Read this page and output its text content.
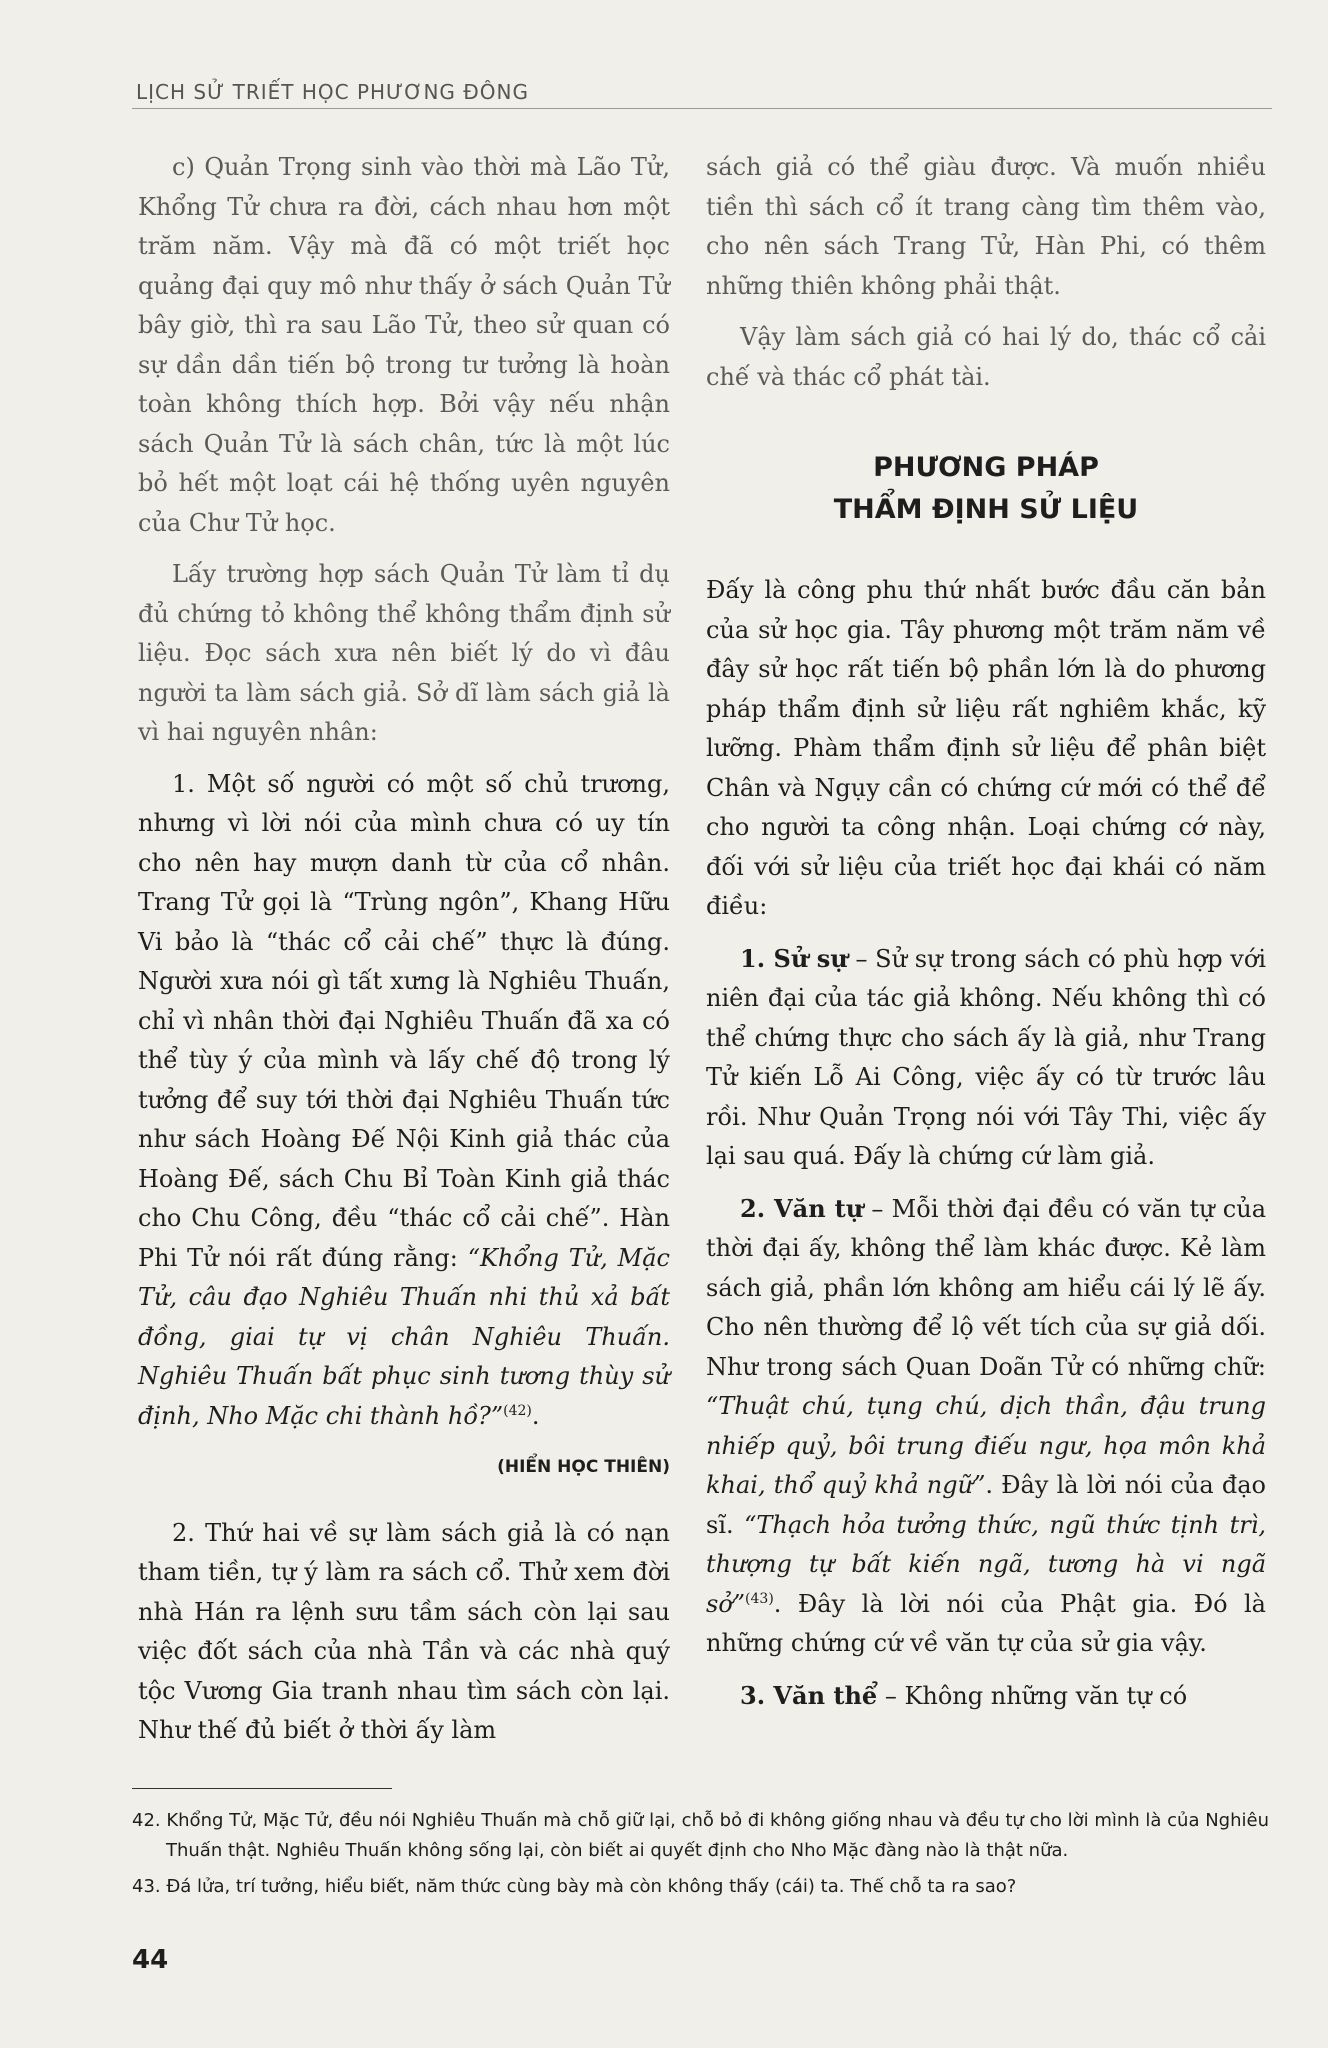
LỊCH SỬ TRIẾT HỌC PHƯƠNG ĐÔNG

c) Quản Trọng sinh vào thời mà Lão Tử, Khổng Tử chưa ra đời, cách nhau hơn một trăm năm. Vậy mà đã có một triết học quảng đại quy mô như thấy ở sách Quản Tử bây giờ, thì ra sau Lão Tử, theo sử quan có sự dần dần tiến bộ trong tư tưởng là hoàn toàn không thích hợp. Bởi vậy nếu nhận sách Quản Tử là sách chân, tức là một lúc bỏ hết một loạt cái hệ thống uyên nguyên của Chư Tử học.

Lấy trường hợp sách Quản Tử làm tỉ dụ đủ chứng tỏ không thể không thẩm định sử liệu. Đọc sách xưa nên biết lý do vì đâu người ta làm sách giả. Sở dĩ làm sách giả là vì hai nguyên nhân:

1. Một số người có một số chủ trương, nhưng vì lời nói của mình chưa có uy tín cho nên hay mượn danh từ của cổ nhân. Trang Tử gọi là “Trùng ngôn”, Khang Hữu Vi bảo là “thác cổ cải chế” thực là đúng. Người xưa nói gì tất xưng là Nghiêu Thuấn, chỉ vì nhân thời đại Nghiêu Thuấn đã xa có thể tùy ý của mình và lấy chế độ trong lý tưởng để suy tới thời đại Nghiêu Thuấn tức như sách Hoàng Đế Nội Kinh giả thác của Hoàng Đế, sách Chu Bỉ Toàn Kinh giả thác cho Chu Công, đều “thác cổ cải chế”. Hàn Phi Tử nói rất đúng rằng: “Khổng Tử, Mặc Tử, câu đạo Nghiêu Thuấn nhi thủ xả bất đồng, giai tự vị chân Nghiêu Thuấn. Nghiêu Thuấn bất phục sinh tương thùy sử định, Nho Mặc chi thành hồ?”$^{(42)}$.

(HIỂN HỌC THIÊN)

2. Thứ hai về sự làm sách giả là có nạn tham tiền, tự ý làm ra sách cổ. Thử xem đời nhà Hán ra lệnh sưu tầm sách còn lại sau việc đốt sách của nhà Tần và các nhà quý tộc Vương Gia tranh nhau tìm sách còn lại. Như thế đủ biết ở thời ấy làm

sách giả có thể giàu được. Và muốn nhiều tiền thì sách cổ ít trang càng tìm thêm vào, cho nên sách Trang Tử, Hàn Phi, có thêm những thiên không phải thật.

Vậy làm sách giả có hai lý do, thác cổ cải chế và thác cổ phát tài.

PHƯƠNG PHÁP
THẨM ĐỊNH SỬ LIỆU

Đấy là công phu thứ nhất bước đầu căn bản của sử học gia. Tây phương một trăm năm về đây sử học rất tiến bộ phần lớn là do phương pháp thẩm định sử liệu rất nghiêm khắc, kỹ lưỡng. Phàm thẩm định sử liệu để phân biệt Chân và Ngụy cần có chứng cứ mới có thể để cho người ta công nhận. Loại chứng cớ này, đối với sử liệu của triết học đại khái có năm điều:

1. Sử sự – Sử sự trong sách có phù hợp với niên đại của tác giả không. Nếu không thì có thể chứng thực cho sách ấy là giả, như Trang Tử kiến Lỗ Ai Công, việc ấy có từ trước lâu rồi. Như Quản Trọng nói với Tây Thi, việc ấy lại sau quá. Đấy là chứng cứ làm giả.

2. Văn tự – Mỗi thời đại đều có văn tự của thời đại ấy, không thể làm khác được. Kẻ làm sách giả, phần lớn không am hiểu cái lý lẽ ấy. Cho nên thường để lộ vết tích của sự giả dối. Như trong sách Quan Doãn Tử có những chữ: “Thuật chú, tụng chú, dịch thần, đậu trung nhiếp quỷ, bôi trung điếu ngư, họa môn khả khai, thổ quỷ khả ngữ”. Đây là lời nói của đạo sĩ. “Thạch hỏa tưởng thức, ngũ thức tịnh trì, thượng tự bất kiến ngã, tương hà vi ngã sở”$^{(43)}$. Đây là lời nói của Phật gia. Đó là những chứng cứ về văn tự của sử gia vậy.

3. Văn thể – Không những văn tự có

42. Khổng Tử, Mặc Tử, đều nói Nghiêu Thuấn mà chỗ giữ lại, chỗ bỏ đi không giống nhau và đều tự cho lời mình là của Nghiêu Thuấn thật. Nghiêu Thuấn không sống lại, còn biết ai quyết định cho Nho Mặc đàng nào là thật nữa.
43. Đá lửa, trí tưởng, hiểu biết, năm thức cùng bày mà còn không thấy (cái) ta. Thế chỗ ta ra sao?
44
